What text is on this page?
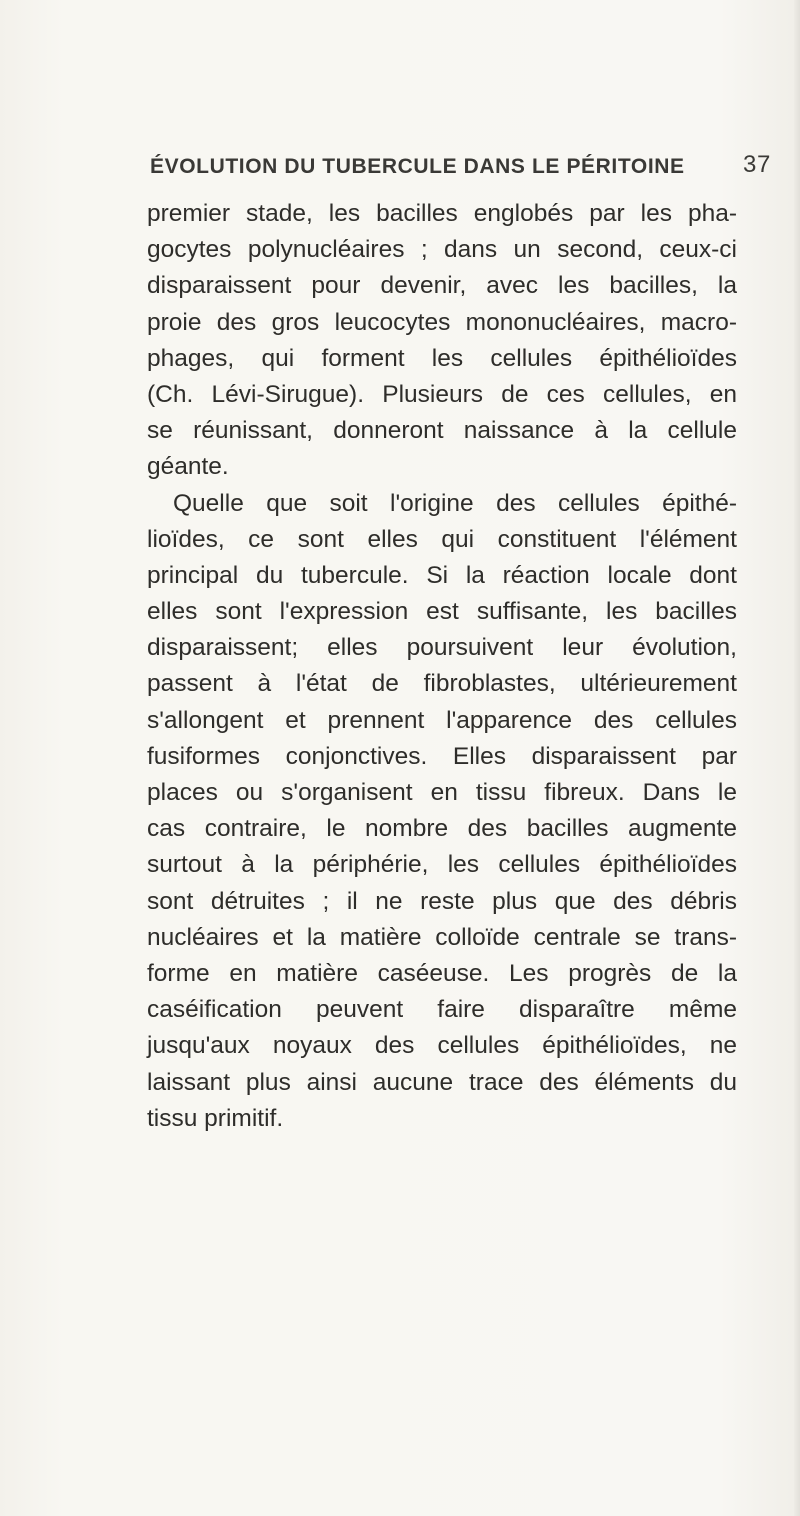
ÉVOLUTION DU TUBERCULE DANS LE PÉRITOINE 37
premier stade, les bacilles englobés par les pha-
gocytes polynucléaires ; dans un second, ceux-ci
disparaissent pour devenir, avec les bacilles, la
proie des gros leucocytes mononucléaires, macro-
phages, qui forment les cellules épithélioïdes
(Ch. Lévi-Sirugue). Plusieurs de ces cellules, en
se réunissant, donneront naissance à la cellule
géante.
Quelle que soit l'origine des cellules épithé-
lioïdes, ce sont elles qui constituent l'élément
principal du tubercule. Si la réaction locale dont
elles sont l'expression est suffisante, les bacilles
disparaissent; elles poursuivent leur évolution,
passent à l'état de fibroblastes, ultérieurement
s'allongent et prennent l'apparence des cellules
fusiformes conjonctives. Elles disparaissent par
places ou s'organisent en tissu fibreux. Dans le
cas contraire, le nombre des bacilles augmente
surtout à la périphérie, les cellules épithélioïdes
sont détruites ; il ne reste plus que des débris
nucléaires et la matière colloïde centrale se trans-
forme en matière caséeuse. Les progrès de la
caséification peuvent faire disparaître même
jusqu'aux noyaux des cellules épithélioïdes, ne
laissant plus ainsi aucune trace des éléments du
tissu primitif.
